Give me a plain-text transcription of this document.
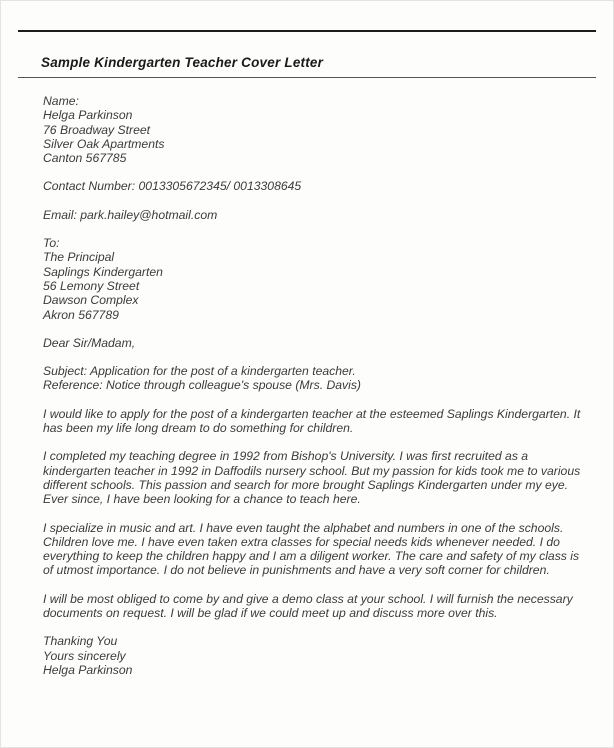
Sample Kindergarten Teacher Cover Letter
Name:
Helga Parkinson
76 Broadway Street
Silver Oak Apartments
Canton 567785
Contact Number: 0013305672345/ 0013308645
Email: park.hailey@hotmail.com
To:
The Principal
Saplings Kindergarten
56 Lemony Street
Dawson Complex
Akron 567789
Dear Sir/Madam,
Subject: Application for the post of a kindergarten teacher.
Reference: Notice through colleague's spouse (Mrs. Davis)

I would like to apply for the post of a kindergarten teacher at the esteemed Saplings Kindergarten. It has been my life long dream to do something for children.

I completed my teaching degree in 1992 from Bishop's University. I was first recruited as a kindergarten teacher in 1992 in Daffodils nursery school. But my passion for kids took me to various different schools. This passion and search for more brought Saplings Kindergarten under my eye. Ever since, I have been looking for a chance to teach here.

I specialize in music and art. I have even taught the alphabet and numbers in one of the schools. Children love me. I have even taken extra classes for special needs kids whenever needed. I do everything to keep the children happy and I am a diligent worker. The care and safety of my class is of utmost importance. I do not believe in punishments and have a very soft corner for children.

I will be most obliged to come by and give a demo class at your school. I will furnish the necessary documents on request. I will be glad if we could meet up and discuss more over this.

Thanking You
Yours sincerely
Helga Parkinson
